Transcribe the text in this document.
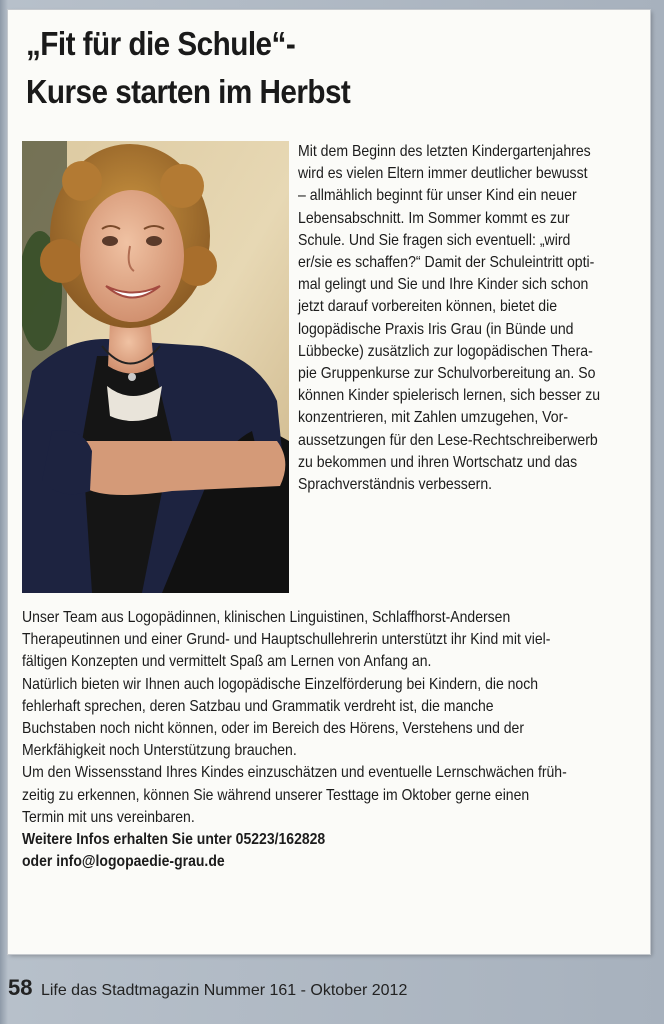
„Fit für die Schule“-
Kurse starten im Herbst
Mit dem Beginn des letzten Kindergartenjahres
wird es vielen Eltern immer deutlicher bewusst
– allmählich beginnt für unser Kind ein neuer
Lebensabschnitt. Im Sommer kommt es zur
Schule. Und Sie fragen sich eventuell: „wird
er/sie es schaffen?“ Damit der Schuleintritt opti-
mal gelingt und Sie und Ihre Kinder sich schon
jetzt darauf vorbereiten können, bietet die
logopädische Praxis Iris Grau (in Bünde und
Lübbecke) zusätzlich zur logopädischen Thera-
pie Gruppenkurse zur Schulvorbereitung an. So
können Kinder spielerisch lernen, sich besser zu
konzentrieren, mit Zahlen umzugehen, Vor-
aussetzungen für den Lese-Rechtschreiberwerb
zu bekommen und ihren Wortschatz und das
Sprachverständnis verbessern.
Unser Team aus Logopädinnen, klinischen Linguistinen, Schlaffhorst-Andersen
Therapeutinnen und einer Grund- und Hauptschullehrerin unterstützt ihr Kind mit viel-
fältigen Konzepten und vermittelt Spaß am Lernen von Anfang an.
Natürlich bieten wir Ihnen auch logopädische Einzelförderung bei Kindern, die noch
fehlerhaft sprechen, deren Satzbau und Grammatik verdreht ist, die manche
Buchstaben noch nicht können, oder im Bereich des Hörens, Verstehens und der
Merkfähigkeit noch Unterstützung brauchen.
Um den Wissensstand Ihres Kindes einzuschätzen und eventuelle Lernschwächen früh-
zeitig zu erkennen, können Sie während unserer Testtage im Oktober gerne einen
Termin mit uns vereinbaren.
Weitere Infos erhalten Sie unter 05223/162828
oder info@logopaedie-grau.de
58 Life das Stadtmagazin Nummer 161 - Oktober 2012
